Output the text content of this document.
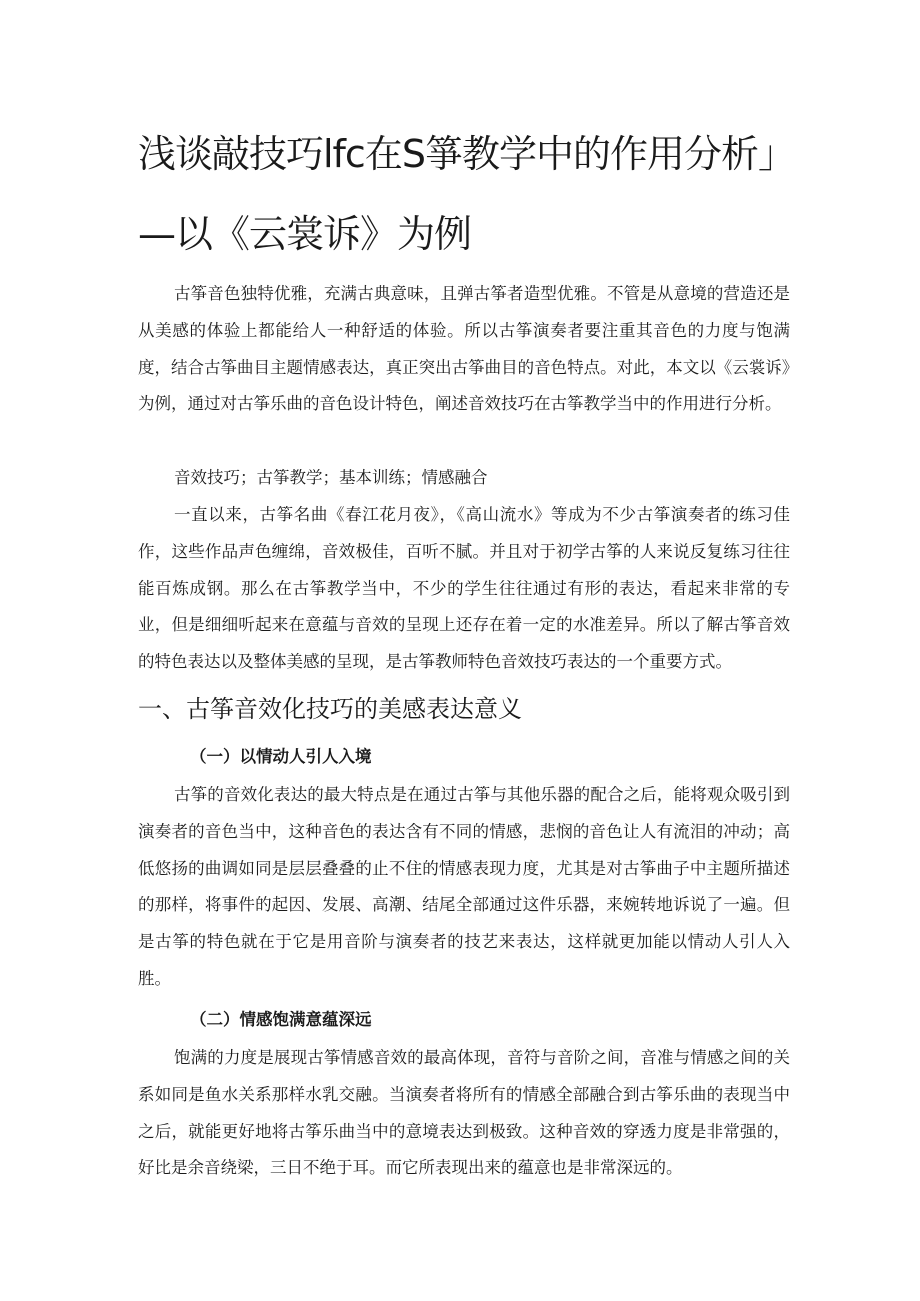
浅谈敲技巧lfc在S箏教学中的作用分析」
—以《云裳诉》为例

古筝音色独特优雅，充满古典意味，且弹古筝者造型优雅。不管是从意境的营造还是从美感的体验上都能给人一种舒适的体验。所以古筝演奏者要注重其音色的力度与饱满度，结合古筝曲目主题情感表达，真正突出古筝曲目的音色特点。对此，本文以《云裳诉》为例，通过对古筝乐曲的音色设计特色，阐述音效技巧在古筝教学当中的作用进行分析。

音效技巧；古筝教学；基本训练；情感融合

一直以来，古筝名曲《春江花月夜》，《高山流水》等成为不少古筝演奏者的练习佳作，这些作品声色缠绵，音效极佳，百听不腻。并且对于初学古筝的人来说反复练习往往能百炼成钢。那么在古筝教学当中，不少的学生往往通过有形的表达，看起来非常的专业，但是细细听起来在意蕴与音效的呈现上还存在着一定的水准差异。所以了解古筝音效的特色表达以及整体美感的呈现，是古筝教师特色音效技巧表达的一个重要方式。

一、古筝音效化技巧的美感表达意义
（一）以情动人引人入境

古筝的音效化表达的最大特点是在通过古筝与其他乐器的配合之后，能将观众吸引到演奏者的音色当中，这种音色的表达含有不同的情感，悲悯的音色让人有流泪的冲动；高低悠扬的曲调如同是层层叠叠的止不住的情感表现力度，尤其是对古筝曲子中主题所描述的那样，将事件的起因、发展、高潮、结尾全部通过这件乐器，来婉转地诉说了一遍。但是古筝的特色就在于它是用音阶与演奏者的技艺来表达，这样就更加能以情动人引人入胜。

（二）情感饱满意蕴深远

饱满的力度是展现古筝情感音效的最高体现，音符与音阶之间，音准与情感之间的关系如同是鱼水关系那样水乳交融。当演奏者将所有的情感全部融合到古筝乐曲的表现当中之后，就能更好地将古筝乐曲当中的意境表达到极致。这种音效的穿透力度是非常强的，好比是余音绕梁，三日不绝于耳。而它所表现出来的蕴意也是非常深远的。
